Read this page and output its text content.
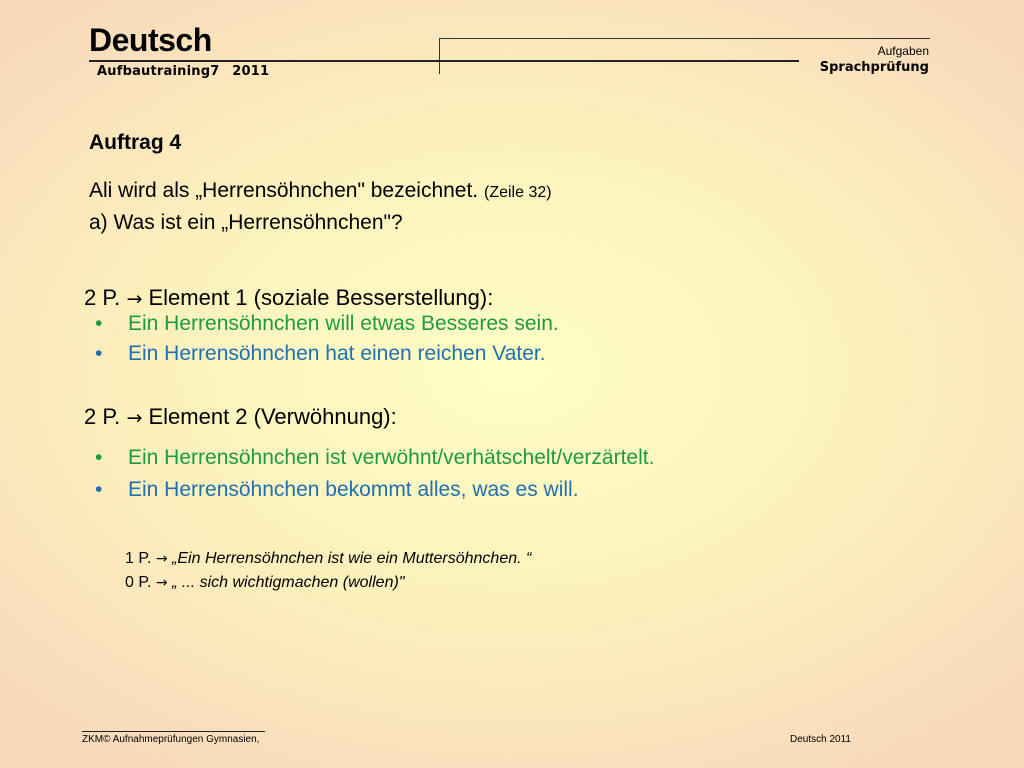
Deutsch
Aufbautraining7 2011
Aufgaben
Sprachprüfung
Auftrag 4
Ali wird als „Herrensöhnchen" bezeichnet. (Zeile 32)
a) Was ist ein „Herrensöhnchen"?
2 P. → Element 1 (soziale Besserstellung):
• Ein Herrensöhnchen will etwas Besseres sein.
• Ein Herrensöhnchen hat einen reichen Vater.
2 P. → Element 2 (Verwöhnung):
• Ein Herrensöhnchen ist verwöhnt/verhätschelt/verzärtelt.
• Ein Herrensöhnchen bekommt alles, was es will.
1 P. → „Ein Herrensöhnchen ist wie ein Muttersöhnchen. “
0 P. → „ ... sich wichtigmachen (wollen)"
ZKM© Aufnahmeprüfungen Gymnasien,	Deutsch 2011
